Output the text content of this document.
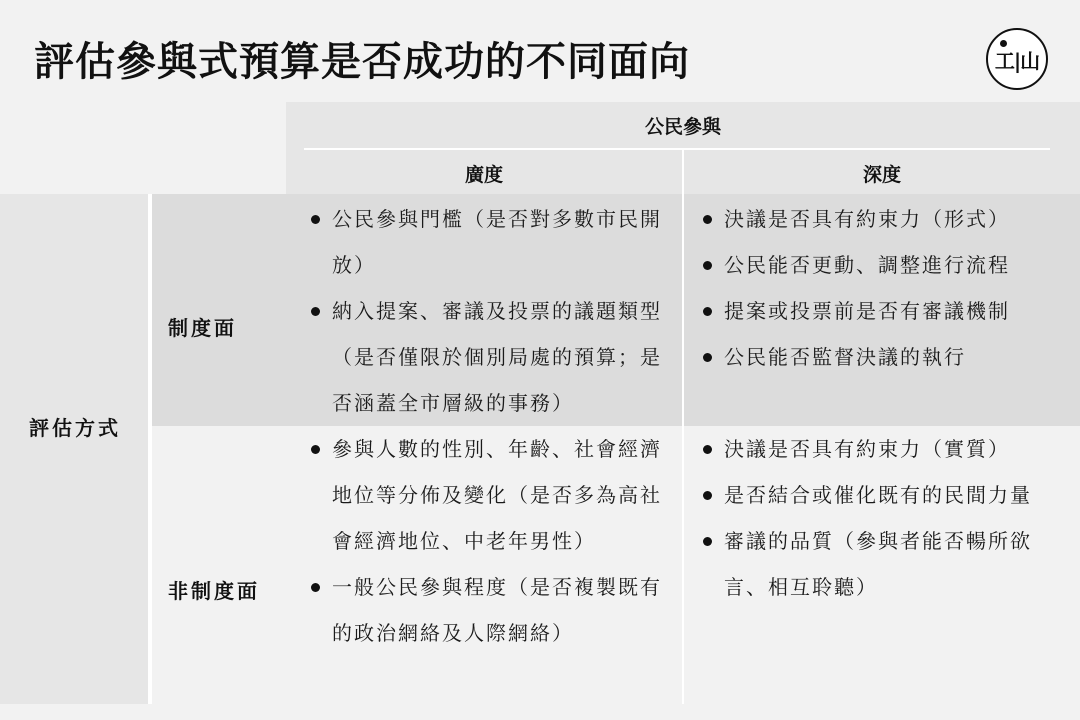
評估參與式預算是否成功的不同面向	工|山
公民參與
廣度	深度
評估方式
制度面
非制度面
公民參與門檻（是否對多數市民開放）
納入提案、審議及投票的議題類型（是否僅限於個別局處的預算；是否涵蓋全市層級的事務）
決議是否具有約束力（形式）
公民能否更動、調整進行流程
提案或投票前是否有審議機制
公民能否監督決議的執行
參與人數的性別、年齡、社會經濟地位等分佈及變化（是否多為高社會經濟地位、中老年男性）
一般公民參與程度（是否複製既有的政治網絡及人際網絡）
決議是否具有約束力（實質）
是否結合或催化既有的民間力量
審議的品質（參與者能否暢所欲言、相互聆聽）
